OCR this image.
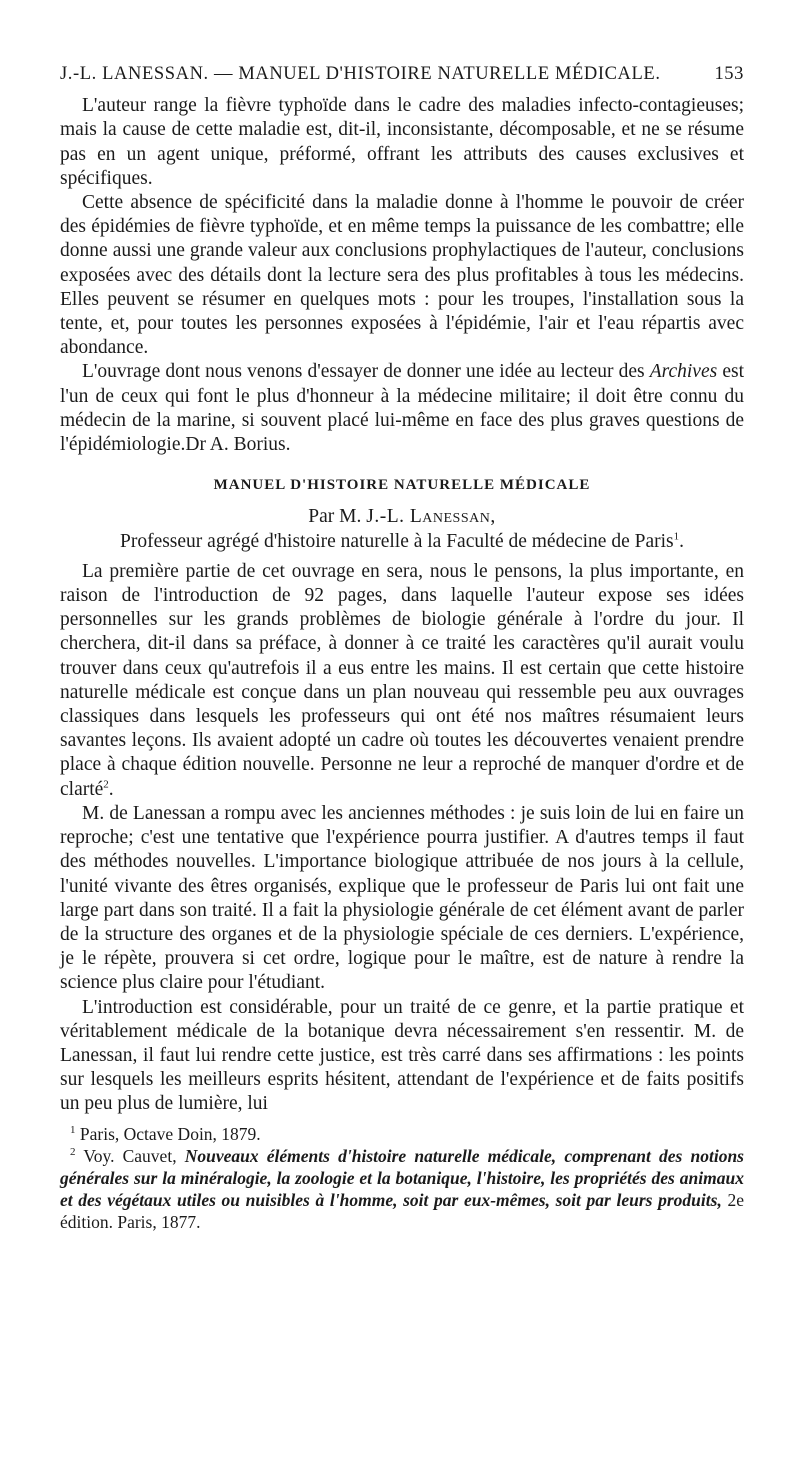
J.-L. LANESSAN. — MANUEL D'HISTOIRE NATURELLE MÉDICALE.	153

L'auteur range la fièvre typhoïde dans le cadre des maladies infecto-contagieuses; mais la cause de cette maladie est, dit-il, inconsistante, décomposable, et ne se résume pas en un agent unique, préformé, offrant les attributs des causes exclusives et spécifiques.

Cette absence de spécificité dans la maladie donne à l'homme le pouvoir de créer des épidémies de fièvre typhoïde, et en même temps la puissance de les combattre; elle donne aussi une grande valeur aux conclusions prophylactiques de l'auteur, conclusions exposées avec des détails dont la lecture sera des plus profitables à tous les médecins. Elles peuvent se résumer en quelques mots : pour les troupes, l'installation sous la tente, et, pour toutes les personnes exposées à l'épidémie, l'air et l'eau répartis avec abondance.

L'ouvrage dont nous venons d'essayer de donner une idée au lecteur des Archives est l'un de ceux qui font le plus d'honneur à la médecine militaire; il doit être connu du médecin de la marine, si souvent placé lui-même en face des plus graves questions de l'épidémiologie.Dr A. Borius.

MANUEL D'HISTOIRE NATURELLE MÉDICALE

Par M. J.-L. Lanessan,

Professeur agrégé d'histoire naturelle à la Faculté de médecine de Paris$^1$.

La première partie de cet ouvrage en sera, nous le pensons, la plus importante, en raison de l'introduction de 92 pages, dans laquelle l'auteur expose ses idées personnelles sur les grands problèmes de biologie générale à l'ordre du jour. Il cherchera, dit-il dans sa préface, à donner à ce traité les caractères qu'il aurait voulu trouver dans ceux qu'autrefois il a eus entre les mains. Il est certain que cette histoire naturelle médicale est conçue dans un plan nouveau qui ressemble peu aux ouvrages classiques dans lesquels les professeurs qui ont été nos maîtres résumaient leurs savantes leçons. Ils avaient adopté un cadre où toutes les découvertes venaient prendre place à chaque édition nouvelle. Personne ne leur a reproché de manquer d'ordre et de clarté$^2$.

M. de Lanessan a rompu avec les anciennes méthodes : je suis loin de lui en faire un reproche; c'est une tentative que l'expérience pourra justifier. A d'autres temps il faut des méthodes nouvelles. L'importance biologique attribuée de nos jours à la cellule, l'unité vivante des êtres organisés, explique que le professeur de Paris lui ont fait une large part dans son traité. Il a fait la physiologie générale de cet élément avant de parler de la structure des organes et de la physiologie spéciale de ces derniers. L'expérience, je le répète, prouvera si cet ordre, logique pour le maître, est de nature à rendre la science plus claire pour l'étudiant.

L'introduction est considérable, pour un traité de ce genre, et la partie pratique et véritablement médicale de la botanique devra nécessairement s'en ressentir. M. de Lanessan, il faut lui rendre cette justice, est très carré dans ses affirmations : les points sur lesquels les meilleurs esprits hésitent, attendant de l'expérience et de faits positifs un peu plus de lumière, lui

$^1$ Paris, Octave Doin, 1879.

$^2$ Voy. Cauvet, Nouveaux éléments d'histoire naturelle médicale, comprenant des notions générales sur la minéralogie, la zoologie et la botanique, l'histoire, les propriétés des animaux et des végétaux utiles ou nuisibles à l'homme, soit par eux-mêmes, soit par leurs produits, 2e édition. Paris, 1877.
